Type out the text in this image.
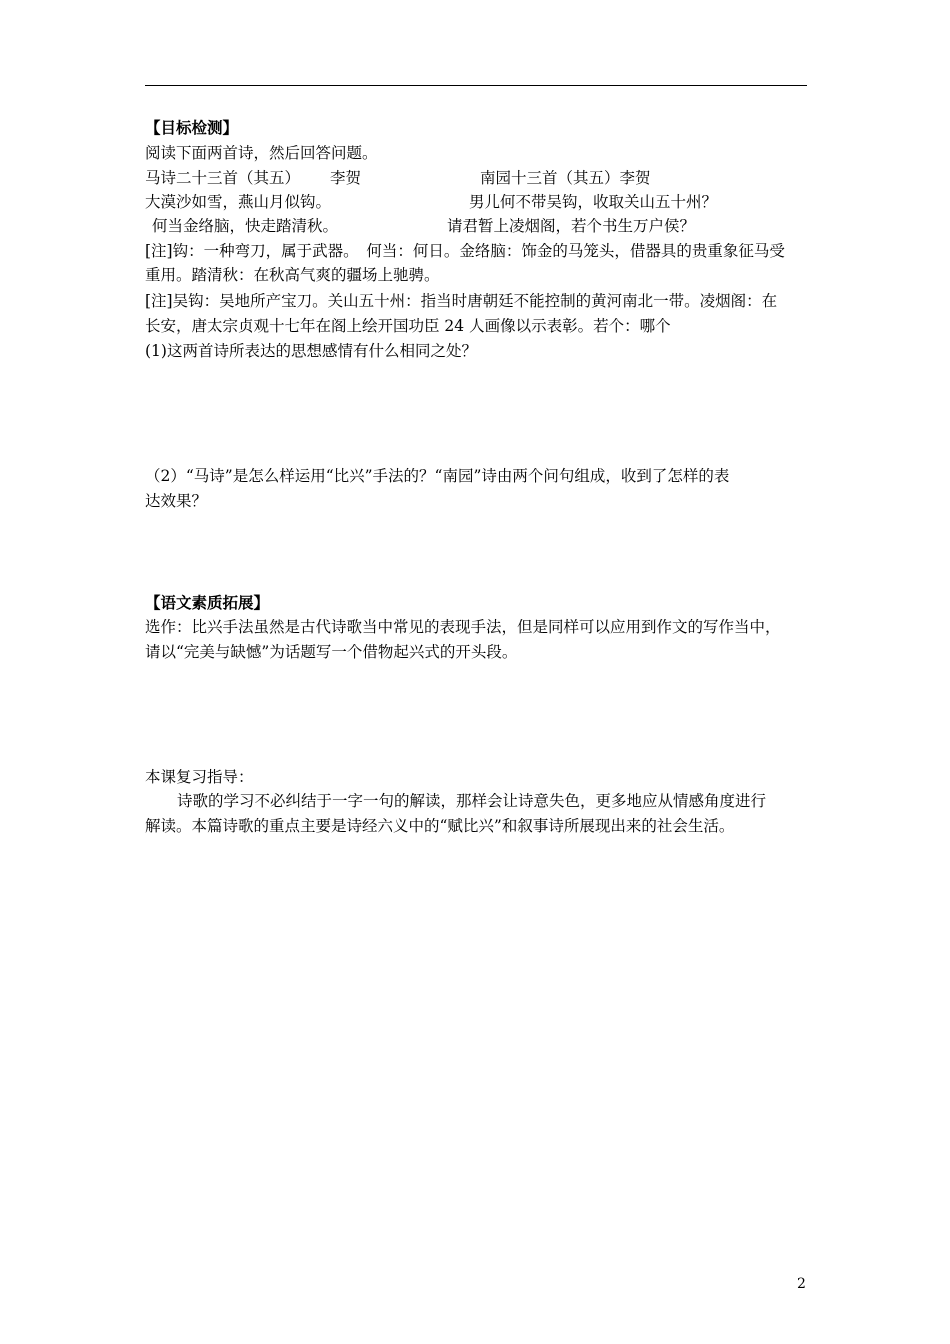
【目标检测】
阅读下面两首诗，然后回答问题。
马诗二十三首（其五） 李贺	南园十三首（其五）李贺
大漠沙如雪，燕山月似钩。	男儿何不带吴钩，收取关山五十州？
何当金络脑，快走踏清秋。	请君暂上凌烟阁，若个书生万户侯？
[注]钩：一种弯刀，属于武器。　何当：何日。金络脑：饰金的马笼头，借器具的贵重象征马受
重用。踏清秋：在秋高气爽的疆场上驰骋。
[注]吴钩：吴地所产宝刀。关山五十州：指当时唐朝廷不能控制的黄河南北一带。凌烟阁：在
长安，唐太宗贞观十七年在阁上绘开国功臣 24 人画像以示表彰。若个：哪个
(1)这两首诗所表达的思想感情有什么相同之处？
（2）“马诗”是怎么样运用“比兴”手法的？“南园”诗由两个问句组成，收到了怎样的表
达效果？
【语文素质拓展】
选作：比兴手法虽然是古代诗歌当中常见的表现手法，但是同样可以应用到作文的写作当中，
请以“完美与缺憾”为话题写一个借物起兴式的开头段。
本课复习指导：
诗歌的学习不必纠结于一字一句的解读，那样会让诗意失色，更多地应从情感角度进行
解读。本篇诗歌的重点主要是诗经六义中的“赋比兴”和叙事诗所展现出来的社会生活。
2
